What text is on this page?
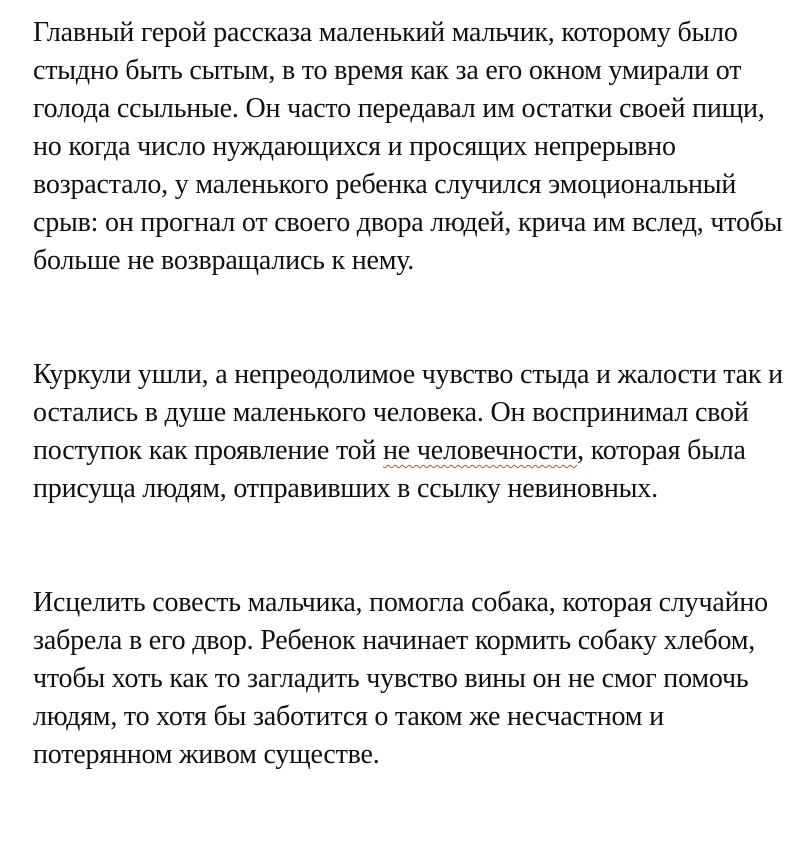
Главный герой рассказа маленький мальчик, которому было стыдно быть сытым, в то время как за его окном умирали от голода ссыльные. Он часто передавал им остатки своей пищи, но когда число нуждающихся и просящих непрерывно возрастало, у маленького ребенка случился эмоциональный срыв: он прогнал от своего двора людей, крича им вслед, чтобы больше не возвращались к нему.

Куркули ушли, а непреодолимое чувство стыда и жалости так и остались в душе маленького человека. Он воспринимал свой поступок как проявление той не человечности, которая была присуща людям, отправивших в ссылку невиновных.

Исцелить совесть мальчика, помогла собака, которая случайно забрела в его двор. Ребенок начинает кормить собаку хлебом, чтобы хоть как то загладить чувство вины он не смог помочь людям, то хотя бы заботится о таком же несчастном и потерянном живом существе.
